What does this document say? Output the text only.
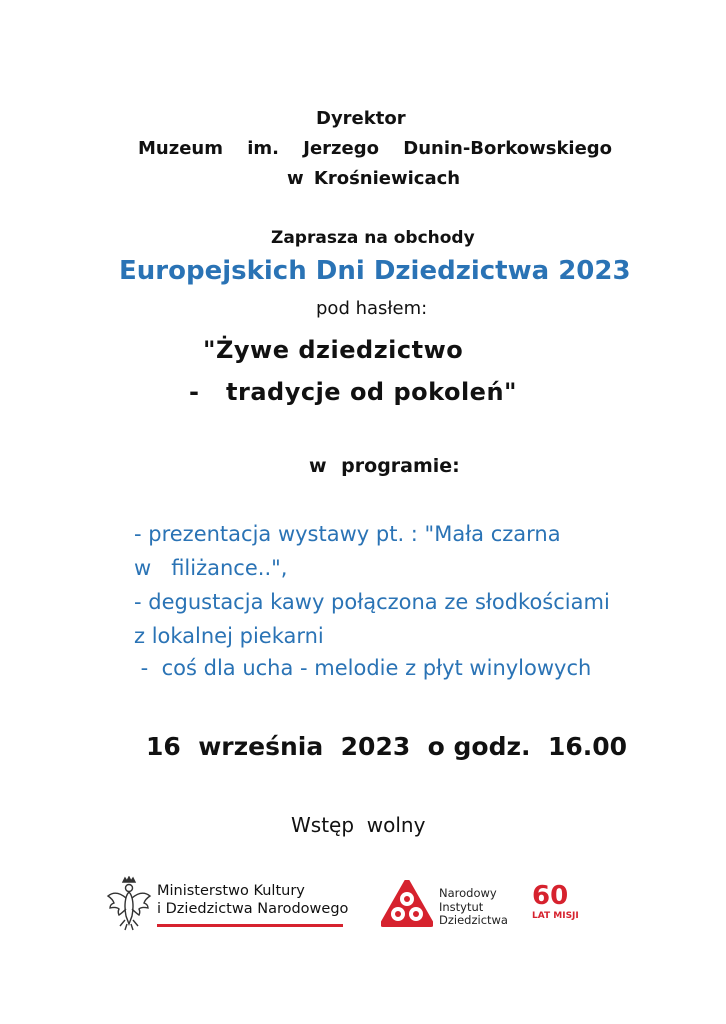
Dyrektor
Muzeum im. Jerzego Dunin-Borkowskiego
w Krośniewicach
Zaprasza na obchody
Europejskich Dni Dziedzictwa 2023
pod hasłem:
"Żywe dziedzictwo
-   tradycje od pokoleń"
w programie:
- prezentacja wystawy pt. : "Mała czarna
w   filiżance..",
- degustacja kawy połączona ze słodkościami
z lokalnej piekarni
-  coś dla ucha - melodie z płyt winylowych
16  września  2023  o godz.  16.00
Wstęp  wolny
Ministerstwo Kultury
i Dziedzictwa Narodowego
Narodowy
Instytut
Dziedzictwa
60
LAT MISJI
